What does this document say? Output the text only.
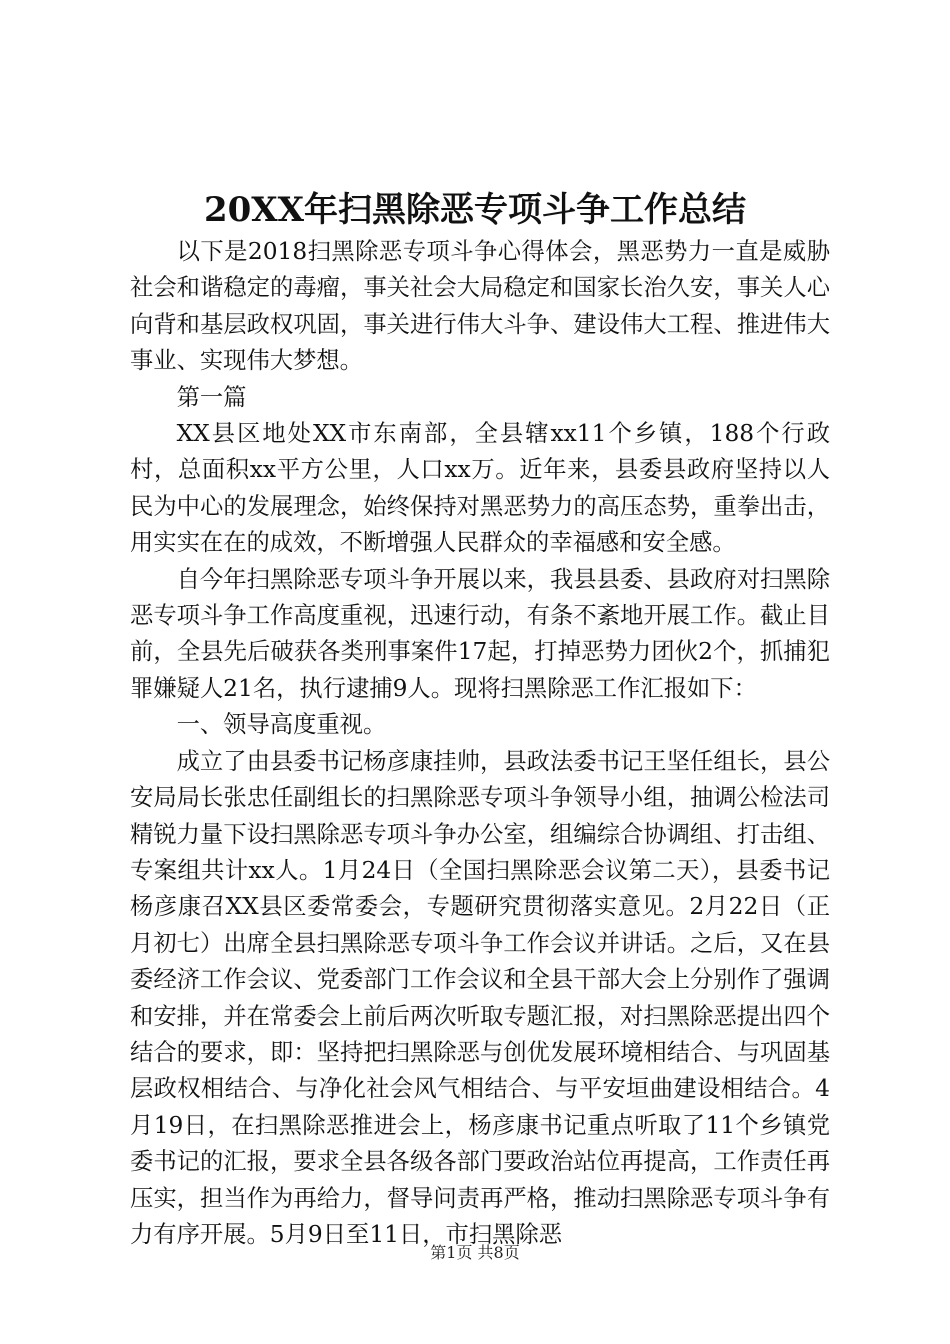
20XX年扫黑除恶专项斗争工作总结

以下是2018扫黑除恶专项斗争心得体会，黑恶势力一直是威胁社会和谐稳定的毒瘤，事关社会大局稳定和国家长治久安，事关人心向背和基层政权巩固，事关进行伟大斗争、建设伟大工程、推进伟大事业、实现伟大梦想。

第一篇

XX县区地处XX市东南部，全县辖xx11个乡镇，188个行政村，总面积xx平方公里，人口xx万。近年来，县委县政府坚持以人民为中心的发展理念，始终保持对黑恶势力的高压态势，重拳出击，用实实在在的成效，不断增强人民群众的幸福感和安全感。

自今年扫黑除恶专项斗争开展以来，我县县委、县政府对扫黑除恶专项斗争工作高度重视，迅速行动，有条不紊地开展工作。截止目前，全县先后破获各类刑事案件17起，打掉恶势力团伙2个，抓捕犯罪嫌疑人21名，执行逮捕9人。现将扫黑除恶工作汇报如下：

一、领导高度重视。

成立了由县委书记杨彦康挂帅，县政法委书记王坚任组长，县公安局局长张忠任副组长的扫黑除恶专项斗争领导小组，抽调公检法司精锐力量下设扫黑除恶专项斗争办公室，组编综合协调组、打击组、专案组共计xx人。1月24日（全国扫黑除恶会议第二天），县委书记杨彦康召XX县区委常委会，专题研究贯彻落实意见。2月22日（正月初七）出席全县扫黑除恶专项斗争工作会议并讲话。之后，又在县委经济工作会议、党委部门工作会议和全县干部大会上分别作了强调和安排，并在常委会上前后两次听取专题汇报，对扫黑除恶提出四个结合的要求，即：坚持把扫黑除恶与创优发展环境相结合、与巩固基层政权相结合、与净化社会风气相结合、与平安垣曲建设相结合。4月19日，在扫黑除恶推进会上，杨彦康书记重点听取了11个乡镇党委书记的汇报，要求全县各级各部门要政治站位再提高，工作责任再压实，担当作为再给力，督导问责再严格，推动扫黑除恶专项斗争有力有序开展。5月9日至11日，市扫黑除恶

第1页 共8页
